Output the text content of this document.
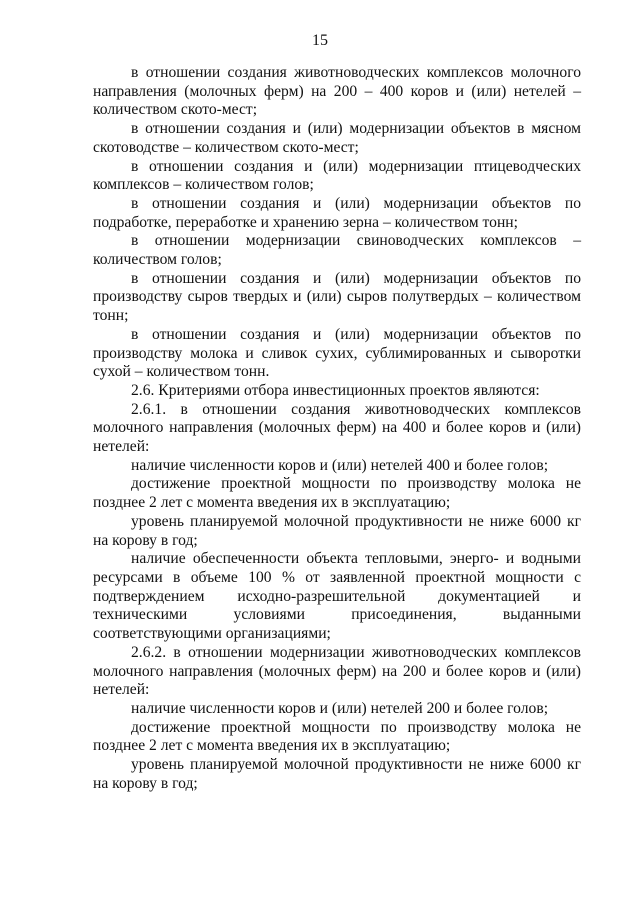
15

в отношении создания животноводческих комплексов молочного направления (молочных ферм) на 200 – 400 коров и (или) нетелей – количеством ското-мест;

в отношении создания и (или) модернизации объектов в мясном скотоводстве – количеством ското-мест;

в отношении создания и (или) модернизации птицеводческих комплексов – количеством голов;

в отношении создания и (или) модернизации объектов по подработке, переработке и хранению зерна – количеством тонн;

в отношении модернизации свиноводческих комплексов – количеством голов;

в отношении создания и (или) модернизации объектов по производству сыров твердых и (или) сыров полутвердых – количеством тонн;

в отношении создания и (или) модернизации объектов по производству молока и сливок сухих, сублимированных и сыворотки сухой – количеством тонн.

2.6. Критериями отбора инвестиционных проектов являются:

2.6.1. в отношении создания животноводческих комплексов молочного направления (молочных ферм) на 400 и более коров и (или) нетелей:

наличие численности коров и (или) нетелей 400 и более голов;

достижение проектной мощности по производству молока не позднее 2 лет с момента введения их в эксплуатацию;

уровень планируемой молочной продуктивности не ниже 6000 кг на корову в год;

наличие обеспеченности объекта тепловыми, энерго- и водными ресурсами в объеме 100 % от заявленной проектной мощности с подтверждением исходно-разрешительной документацией и техническими условиями присоединения, выданными соответствующими организациями;

2.6.2. в отношении модернизации животноводческих комплексов молочного направления (молочных ферм) на 200 и более коров и (или) нетелей:

наличие численности коров и (или) нетелей 200 и более голов;

достижение проектной мощности по производству молока не позднее 2 лет с момента введения их в эксплуатацию;

уровень планируемой молочной продуктивности не ниже 6000 кг на корову в год;
